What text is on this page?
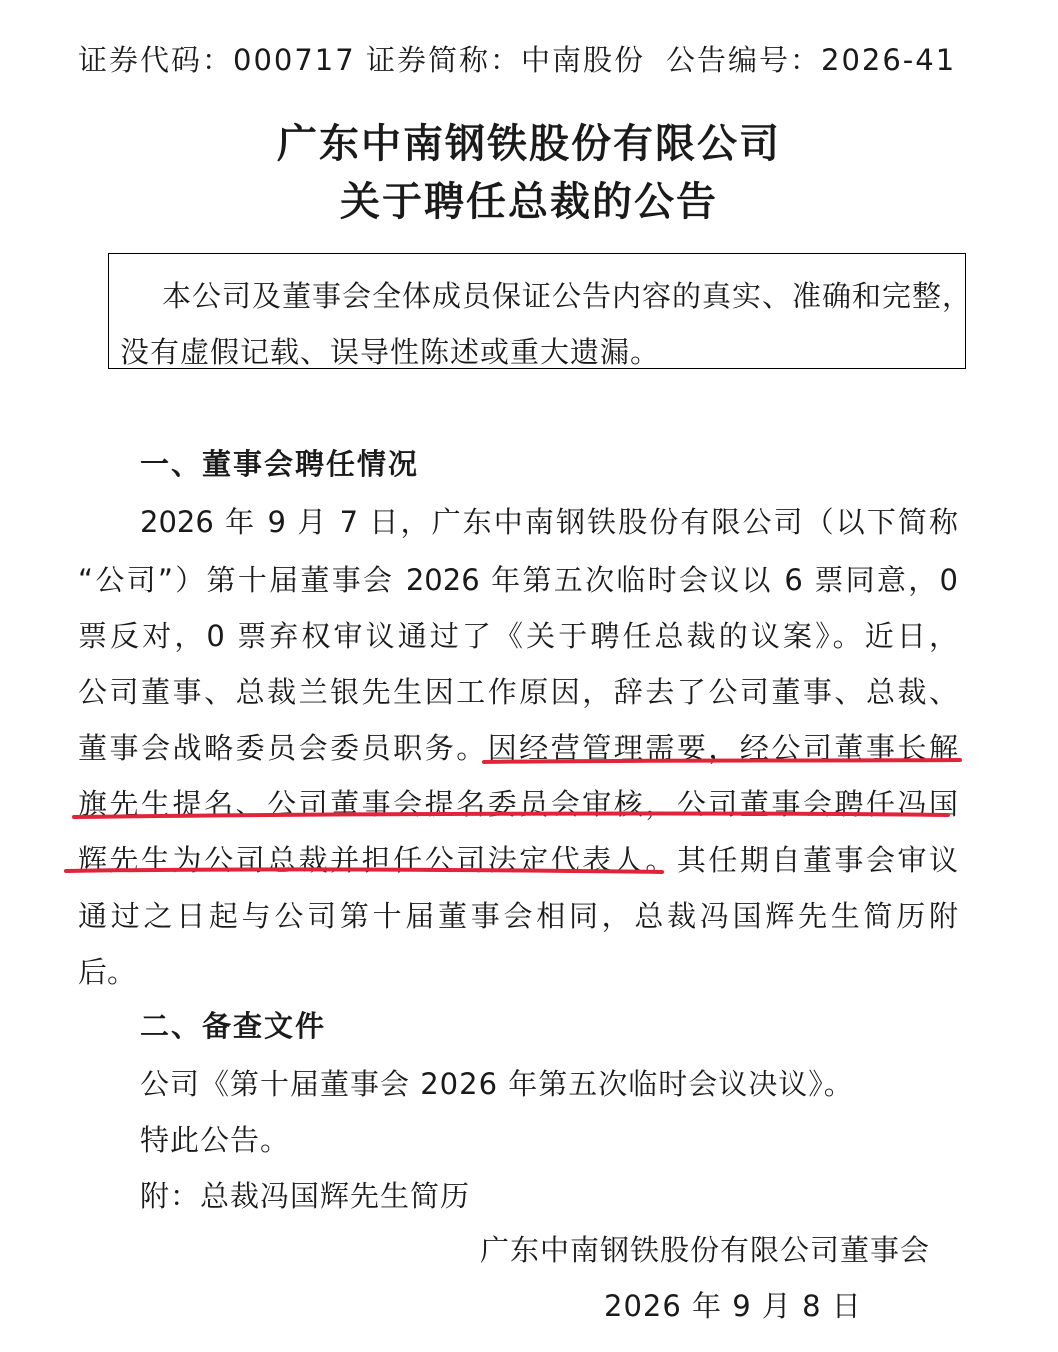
证券代码：000717 证券简称：中南股份 公告编号：2026-41
广东中南钢铁股份有限公司
关于聘任总裁的公告
本公司及董事会全体成员保证公告内容的真实、准确和完整，
没有虚假记载、误导性陈述或重大遗漏。
一、董事会聘任情况
2026 年 9 月 7 日，广东中南钢铁股份有限公司（以下简称
“公司”）第十届董事会 2026 年第五次临时会议以 6 票同意，0
票反对，0 票弃权审议通过了《关于聘任总裁的议案》。近日，
公司董事、总裁兰银先生因工作原因，辞去了公司董事、总裁、
董事会战略委员会委员职务。因经营管理需要，经公司董事长解
旗先生提名、公司董事会提名委员会审核，公司董事会聘任冯国
辉先生为公司总裁并担任公司法定代表人。其任期自董事会审议
通过之日起与公司第十届董事会相同，总裁冯国辉先生简历附
后。
二、备查文件
公司《第十届董事会 2026 年第五次临时会议决议》。
特此公告。
附：总裁冯国辉先生简历
广东中南钢铁股份有限公司董事会
2026 年 9 月 8 日
